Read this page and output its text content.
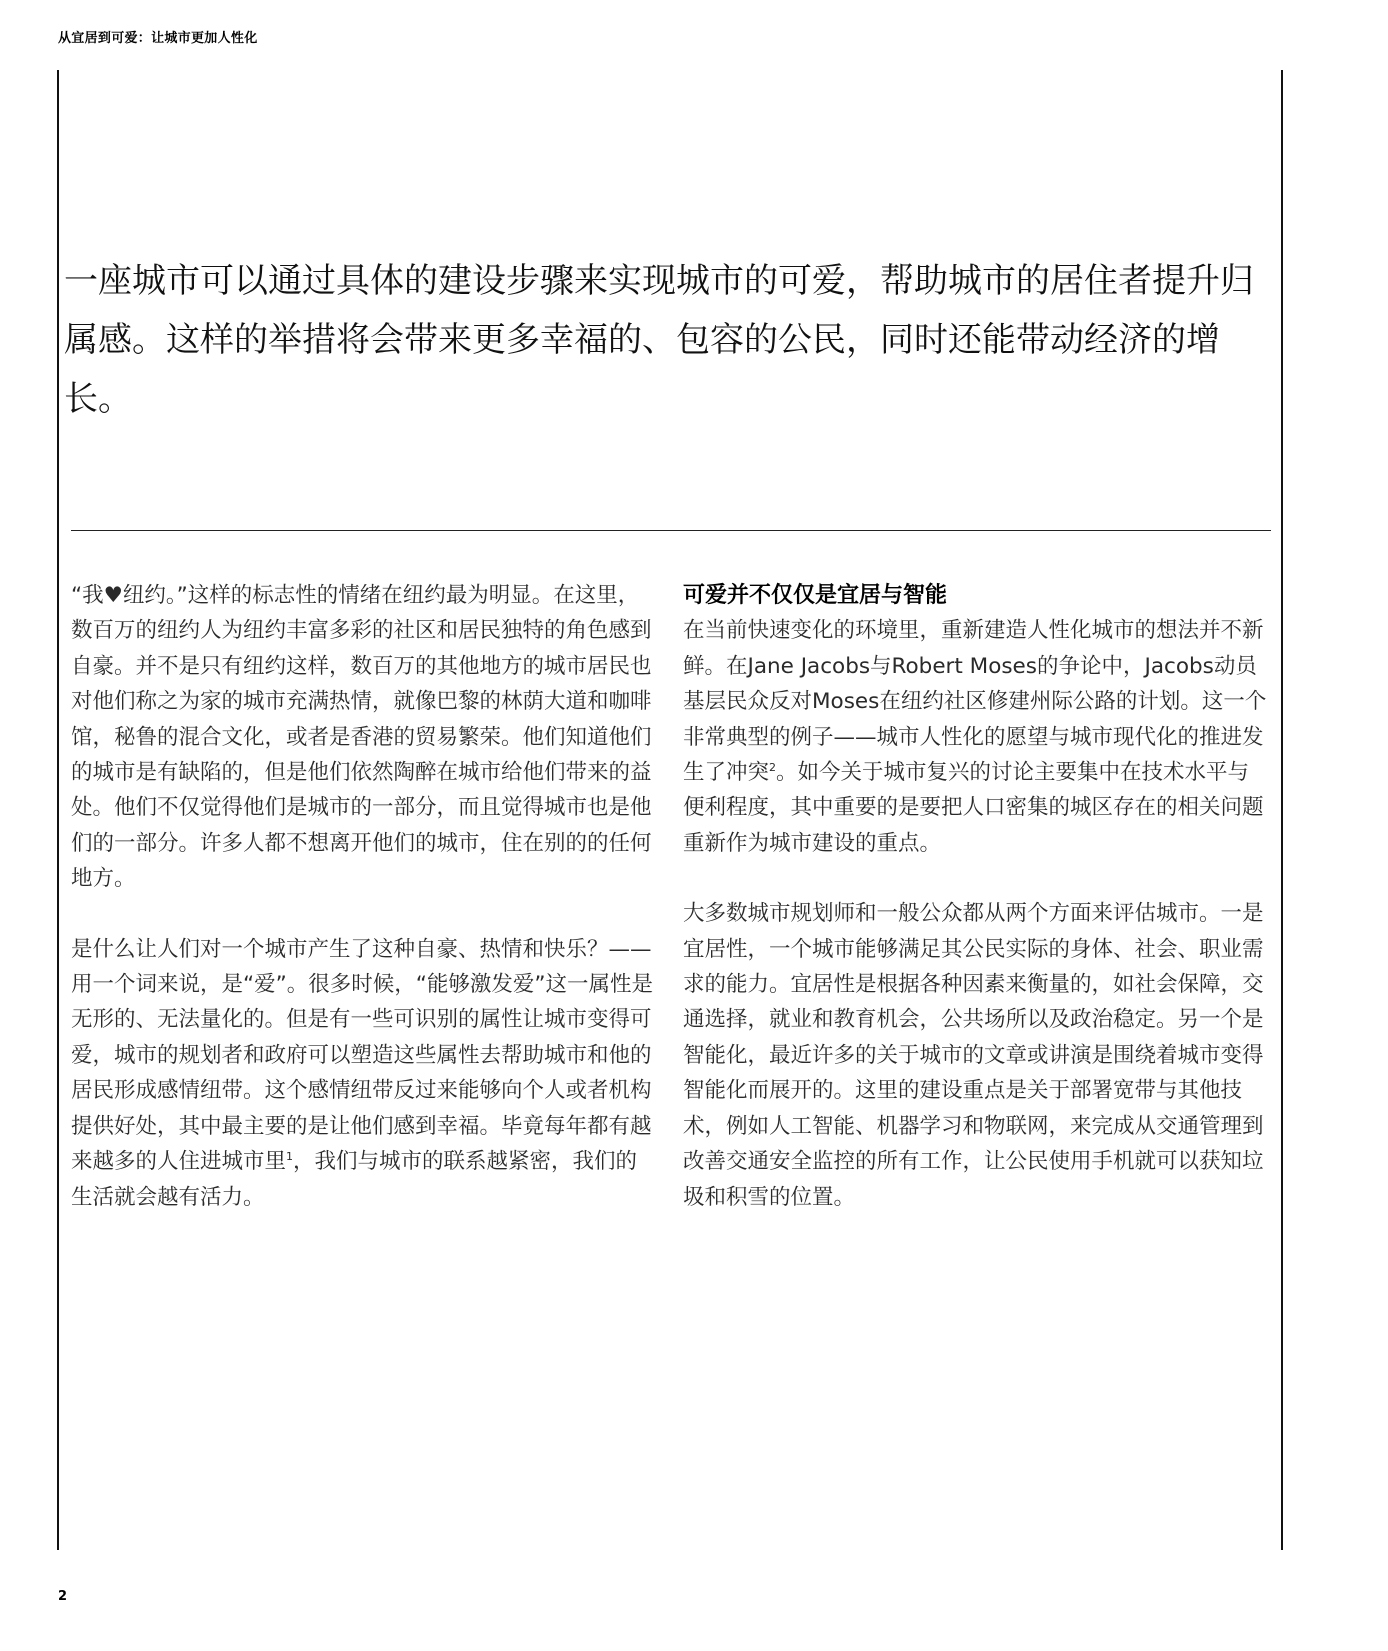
从宜居到可爱：让城市更加人性化

一座城市可以通过具体的建设步骤来实现城市的可爱，帮助城市的居住者提升归属感。这样的举措将会带来更多幸福的、包容的公民，同时还能带动经济的增长。

“我♥纽约。”这样的标志性的情绪在纽约最为明显。在这里，数百万的纽约人为纽约丰富多彩的社区和居民独特的角色感到自豪。并不是只有纽约这样，数百万的其他地方的城市居民也对他们称之为家的城市充满热情，就像巴黎的林荫大道和咖啡馆，秘鲁的混合文化，或者是香港的贸易繁荣。他们知道他们的城市是有缺陷的，但是他们依然陶醉在城市给他们带来的益处。他们不仅觉得他们是城市的一部分，而且觉得城市也是他们的一部分。许多人都不想离开他们的城市，住在别的的任何地方。

是什么让人们对一个城市产生了这种自豪、热情和快乐？——用一个词来说，是“爱”。很多时候，“能够激发爱”这一属性是无形的、无法量化的。但是有一些可识别的属性让城市变得可爱，城市的规划者和政府可以塑造这些属性去帮助城市和他的居民形成感情纽带。这个感情纽带反过来能够向个人或者机构提供好处，其中最主要的是让他们感到幸福。毕竟每年都有越来越多的人住进城市里$^1$，我们与城市的联系越紧密，我们的生活就会越有活力。

可爱并不仅仅是宜居与智能

在当前快速变化的环境里，重新建造人性化城市的想法并不新鲜。在Jane Jacobs与Robert Moses的争论中，Jacobs动员基层民众反对Moses在纽约社区修建州际公路的计划。这一个非常典型的例子——城市人性化的愿望与城市现代化的推进发生了冲突$^2$。如今关于城市复兴的讨论主要集中在技术水平与便利程度，其中重要的是要把人口密集的城区存在的相关问题重新作为城市建设的重点。

大多数城市规划师和一般公众都从两个方面来评估城市。一是宜居性，一个城市能够满足其公民实际的身体、社会、职业需求的能力。宜居性是根据各种因素来衡量的，如社会保障，交通选择，就业和教育机会，公共场所以及政治稳定。另一个是智能化，最近许多的关于城市的文章或讲演是围绕着城市变得智能化而展开的。这里的建设重点是关于部署宽带与其他技术，例如人工智能、机器学习和物联网，来完成从交通管理到改善交通安全监控的所有工作，让公民使用手机就可以获知垃圾和积雪的位置。

2
